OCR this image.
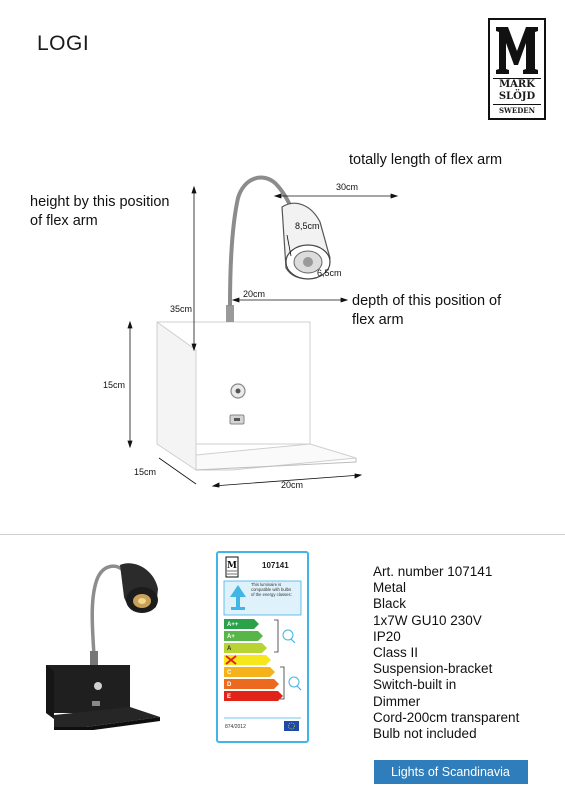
LOGI
MARK
SLÖJD
SWEDEN
totally length of flex arm
height by this position
of flex arm
depth of this position of
flex arm
30cm
8,5cm
6,5cm
20cm
35cm
15cm
15cm
20cm
M	107141
This luminaire is
compatible with bulbs
of the energy classes:
A++
A+
A
C
D
E
874/2012
Art. number 107141
Metal
Black
1x7W GU10 230V
IP20
Class II
Suspension-bracket
Switch-built in
Dimmer
Cord-200cm transparent
Bulb not included
Lights of Scandinavia
